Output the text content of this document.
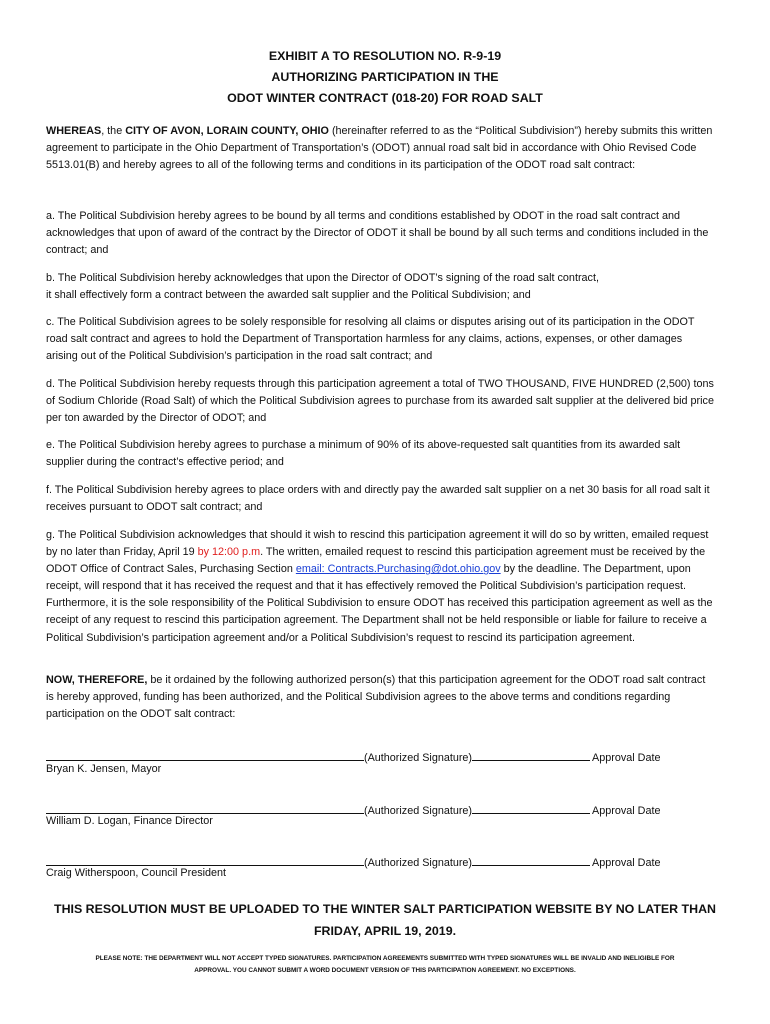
EXHIBIT A TO RESOLUTION NO. R-9-19
AUTHORIZING PARTICIPATION IN THE
ODOT WINTER CONTRACT (018-20) FOR ROAD SALT

WHEREAS, the CITY OF AVON, LORAIN COUNTY, OHIO (hereinafter referred to as the “Political Subdivision”) hereby submits this written agreement to participate in the Ohio Department of Transportation’s (ODOT) annual road salt bid in accordance with Ohio Revised Code 5513.01(B) and hereby agrees to all of the following terms and conditions in its participation of the ODOT road salt contract:

a. The Political Subdivision hereby agrees to be bound by all terms and conditions established by ODOT in the road salt contract and acknowledges that upon of award of the contract by the Director of ODOT it shall be bound by all such terms and conditions included in the contract; and

b. The Political Subdivision hereby acknowledges that upon the Director of ODOT’s signing of the road salt contract,

it shall effectively form a contract between the awarded salt supplier and the Political Subdivision; and

c. The Political Subdivision agrees to be solely responsible for resolving all claims or disputes arising out of its participation in the ODOT road salt contract and agrees to hold the Department of Transportation harmless for any claims, actions, expenses, or other damages arising out of the Political Subdivision’s participation in the road salt contract; and
d. The Political Subdivision hereby requests through this participation agreement a total of TWO THOUSAND, FIVE HUNDRED (2,500) tons of Sodium Chloride (Road Salt) of which the Political Subdivision agrees to purchase from its awarded salt supplier at the delivered bid price per ton awarded by the Director of ODOT; and
e. The Political Subdivision hereby agrees to purchase a minimum of 90% of its above-requested salt quantities from its awarded salt supplier during the contract’s effective period; and
f. The Political Subdivision hereby agrees to place orders with and directly pay the awarded salt supplier on a net 30 basis for all road salt it receives pursuant to ODOT salt contract; and

g. The Political Subdivision acknowledges that should it wish to rescind this participation agreement it will do so by written, emailed request by no later than Friday, April 19 by 12:00 p.m. The written, emailed request to rescind this participation agreement must be received by the ODOT Office of Contract Sales, Purchasing Section email: Contracts.Purchasing@dot.ohio.gov by the deadline. The Department, upon receipt, will respond that it has received the request and that it has effectively removed the Political Subdivision’s participation request. Furthermore, it is the sole responsibility of the Political Subdivision to ensure ODOT has received this participation agreement as well as the receipt of any request to rescind this participation agreement. The Department shall not be held responsible or liable for failure to receive a Political Subdivision’s participation agreement and/or a Political Subdivision’s request to rescind its participation agreement.

NOW, THEREFORE, be it ordained by the following authorized person(s) that this participation agreement for the ODOT road salt contract is hereby approved, funding has been authorized, and the Political Subdivision agrees to the above terms and conditions regarding participation on the ODOT salt contract:

(Authorized Signature)	Approval Date
Bryan K. Jensen, Mayor
(Authorized Signature)	Approval Date
William D. Logan, Finance Director
(Authorized Signature)	Approval Date
Craig Witherspoon, Council President
THIS RESOLUTION MUST BE UPLOADED TO THE WINTER SALT PARTICIPATION WEBSITE BY NO LATER THAN
FRIDAY, APRIL 19, 2019.
PLEASE NOTE: THE DEPARTMENT WILL NOT ACCEPT TYPED SIGNATURES. PARTICIPATION AGREEMENTS SUBMITTED WITH TYPED SIGNATURES WILL BE INVALID AND INELIGIBLE FOR
APPROVAL. YOU CANNOT SUBMIT A WORD DOCUMENT VERSION OF THIS PARTICIPATION AGREEMENT. NO EXCEPTIONS.
